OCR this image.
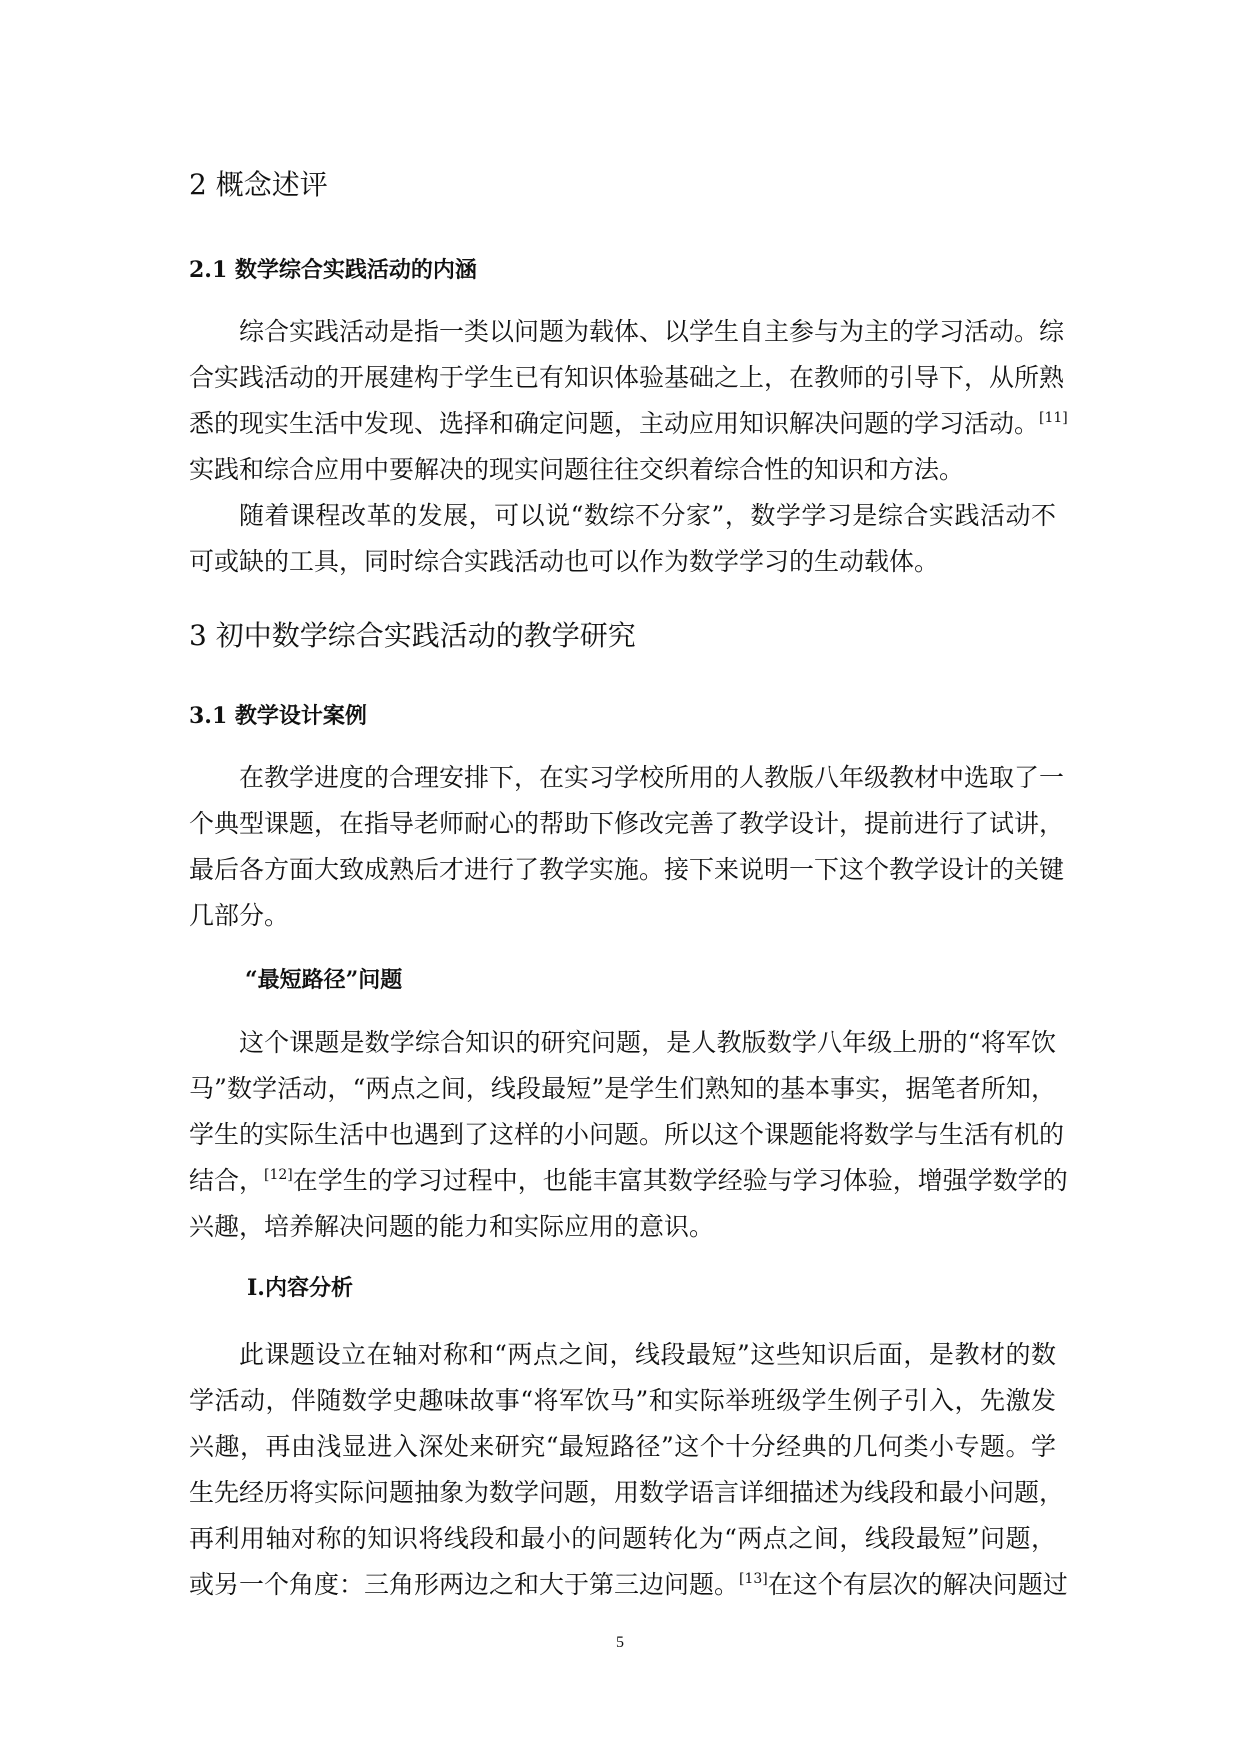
2 概念述评
2.1 数学综合实践活动的内涵
综合实践活动是指一类以问题为载体、以学生自主参与为主的学习活动。综
合实践活动的开展建构于学生已有知识体验基础之上，在教师的引导下，从所熟
悉的现实生活中发现、选择和确定问题，主动应用知识解决问题的学习活动。[11]
实践和综合应用中要解决的现实问题往往交织着综合性的知识和方法。
随着课程改革的发展，可以说“数综不分家”，数学学习是综合实践活动不
可或缺的工具，同时综合实践活动也可以作为数学学习的生动载体。
3 初中数学综合实践活动的教学研究
3.1 教学设计案例
在教学进度的合理安排下，在实习学校所用的人教版八年级教材中选取了一
个典型课题，在指导老师耐心的帮助下修改完善了教学设计，提前进行了试讲，
最后各方面大致成熟后才进行了教学实施。接下来说明一下这个教学设计的关键
几部分。
“最短路径”问题
这个课题是数学综合知识的研究问题，是人教版数学八年级上册的“将军饮
马”数学活动，“两点之间，线段最短”是学生们熟知的基本事实，据笔者所知，
学生的实际生活中也遇到了这样的小问题。所以这个课题能将数学与生活有机的
结合，[12]在学生的学习过程中，也能丰富其数学经验与学习体验，增强学数学的
兴趣，培养解决问题的能力和实际应用的意识。
Ⅰ.内容分析
此课题设立在轴对称和“两点之间，线段最短”这些知识后面，是教材的数
学活动，伴随数学史趣味故事“将军饮马”和实际举班级学生例子引入，先激发
兴趣，再由浅显进入深处来研究“最短路径”这个十分经典的几何类小专题。学
生先经历将实际问题抽象为数学问题，用数学语言详细描述为线段和最小问题，
再利用轴对称的知识将线段和最小的问题转化为“两点之间，线段最短”问题，
或另一个角度：三角形两边之和大于第三边问题。[13]在这个有层次的解决问题过
5
